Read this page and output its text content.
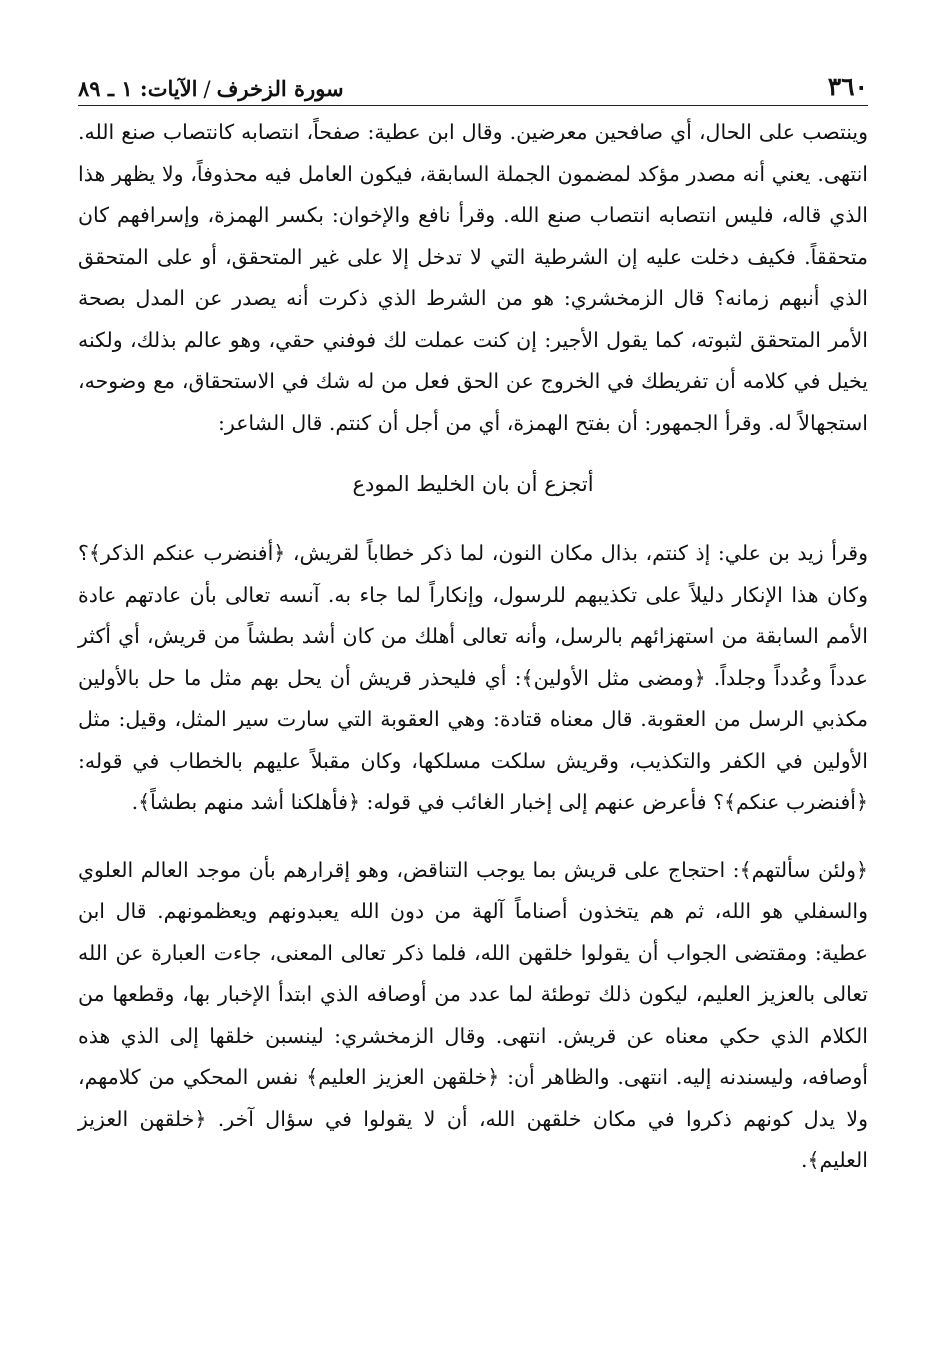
٣٦٠
سورة الزخرف
/
الآيات: ١ ـ ٨٩

وينتصب على الحال، أي صافحين معرضين. وقال ابن عطية: صفحاً، انتصابه كانتصاب صنع الله. انتهى. يعني أنه مصدر مؤكد لمضمون الجملة السابقة، فيكون العامل فيه محذوفاً، ولا يظهر هذا الذي قاله، فليس انتصابه انتصاب صنع الله. وقرأ نافع والإخوان: بكسر الهمزة، وإسرافهم كان متحققاً. فكيف دخلت عليه إن الشرطية التي لا تدخل إلا على غير المتحقق، أو على المتحقق الذي أنبهم زمانه؟ قال الزمخشري: هو من الشرط الذي ذكرت أنه يصدر عن المدل بصحة الأمر المتحقق لثبوته، كما يقول الأجير: إن كنت عملت لك فوفني حقي، وهو عالم بذلك، ولكنه يخيل في كلامه أن تفريطك في الخروج عن الحق فعل من له شك في الاستحقاق، مع وضوحه، استجهالاً له. وقرأ الجمهور: أن بفتح الهمزة، أي من أجل أن كنتم. قال الشاعر:

أتجزع أن بان الخليط المودع

وقرأ زيد بن علي: إذ كنتم، بذال مكان النون، لما ذكر خطاباً لقريش، ﴿أفنضرب عنكم الذكر﴾؟ وكان هذا الإنكار دليلاً على تكذيبهم للرسول، وإنكاراً لما جاء به. آنسه تعالى بأن عادتهم عادة الأمم السابقة من استهزائهم بالرسل، وأنه تعالى أهلك من كان أشد بطشاً من قريش، أي أكثر عدداً وعُدداً وجلداً. ﴿ومضى مثل الأولين﴾: أي فليحذر قريش أن يحل بهم مثل ما حل بالأولين مكذبي الرسل من العقوبة. قال معناه قتادة: وهي العقوبة التي سارت سير المثل، وقيل: مثل الأولين في الكفر والتكذيب، وقريش سلكت مسلكها، وكان مقبلاً عليهم بالخطاب في قوله: ﴿أفنضرب عنكم﴾؟ فأعرض عنهم إلى إخبار الغائب في قوله: ﴿فأهلكنا أشد منهم بطشاً﴾.

﴿ولئن سألتهم﴾: احتجاج على قريش بما يوجب التناقض، وهو إقرارهم بأن موجد العالم العلوي والسفلي هو الله، ثم هم يتخذون أصناماً آلهة من دون الله يعبدونهم ويعظمونهم. قال ابن عطية: ومقتضى الجواب أن يقولوا خلقهن الله، فلما ذكر تعالى المعنى، جاءت العبارة عن الله تعالى بالعزيز العليم، ليكون ذلك توطئة لما عدد من أوصافه الذي ابتدأ الإخبار بها، وقطعها من الكلام الذي حكي معناه عن قريش. انتهى. وقال الزمخشري: لينسبن خلقها إلى الذي هذه أوصافه، وليسندنه إليه. انتهى. والظاهر أن: ﴿خلقهن العزيز العليم﴾ نفس المحكي من كلامهم، ولا يدل كونهم ذكروا في مكان خلقهن الله، أن لا يقولوا في سؤال آخر. ﴿خلقهن العزيز العليم﴾.
